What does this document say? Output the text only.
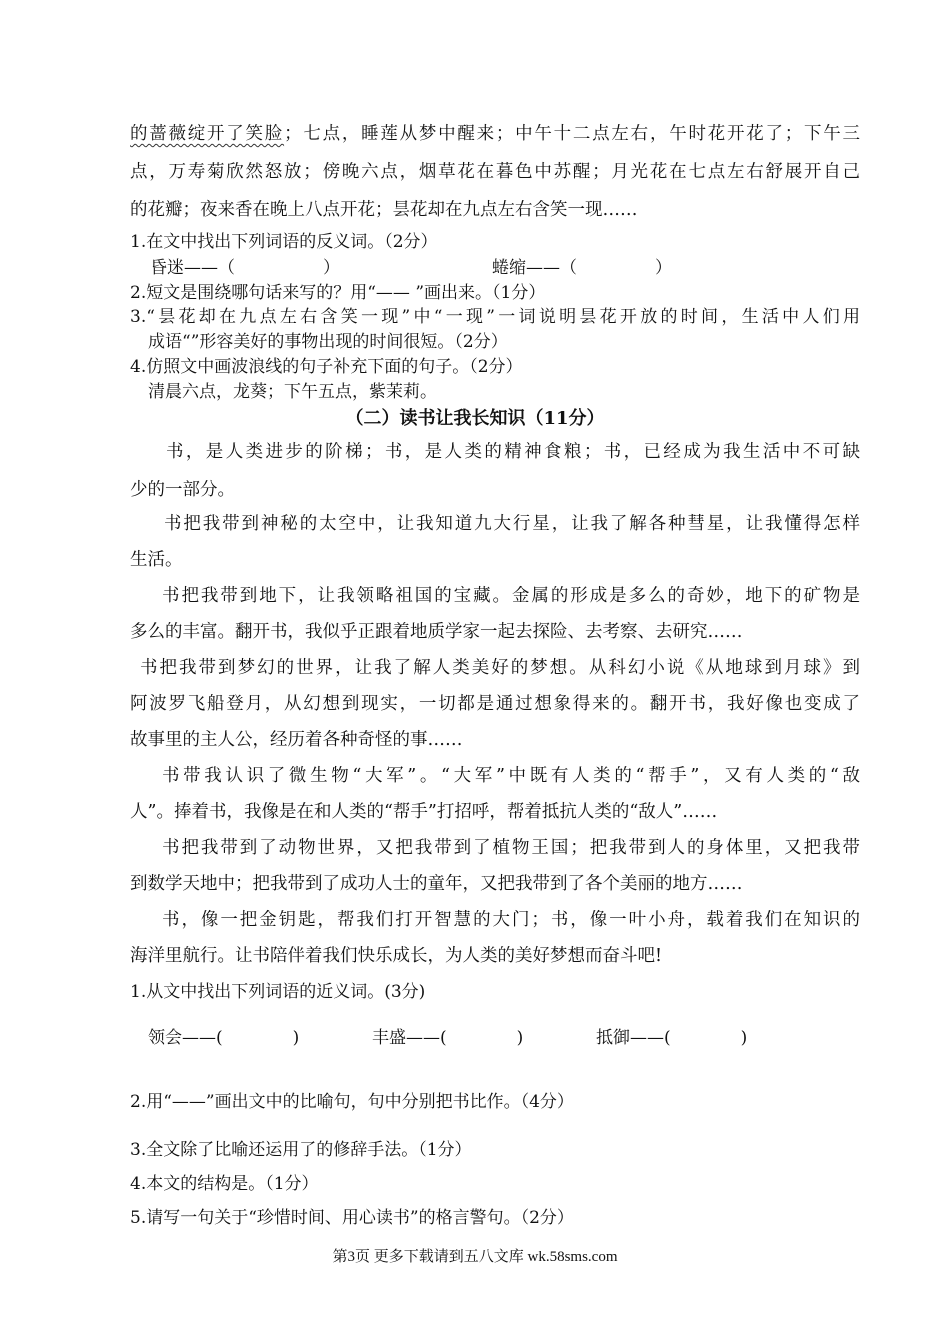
的蔷薇绽开了笑脸；七点，睡莲从梦中醒来；中午十二点左右，午时花开花了；下午三
点，万寿菊欣然怒放；傍晚六点，烟草花在暮色中苏醒；月光花在七点左右舒展开自己
的花瓣；夜来香在晚上八点开花；昙花却在九点左右含笑一现……
1.在文中找出下列词语的反义词。（2分）
昏迷——（	）	蜷缩——（	）
2.短文是围绕哪句话来写的？用“—— ”画出来。（1分）
3.“昙花却在九点左右含笑一现”中“一现”一词说明昙花开放的时间，生活中人们用
成语“”形容美好的事物出现的时间很短。（2分）
4.仿照文中画波浪线的句子补充下面的句子。（2分）
清晨六点，龙葵；下午五点，紫茉莉。
（二）读书让我长知识（11分）
书，是人类进步的阶梯；书，是人类的精神食粮；书，已经成为我生活中不可缺
少的一部分。
书把我带到神秘的太空中，让我知道九大行星，让我了解各种彗星，让我懂得怎样
生活。
书把我带到地下，让我领略祖国的宝藏。金属的形成是多么的奇妙，地下的矿物是
多么的丰富。翻开书，我似乎正跟着地质学家一起去探险、去考察、去研究……
书把我带到梦幻的世界，让我了解人类美好的梦想。从科幻小说《从地球到月球》到
阿波罗飞船登月，从幻想到现实，一切都是通过想象得来的。翻开书，我好像也变成了
故事里的主人公，经历着各种奇怪的事……
书带我认识了微生物“大军”。“大军”中既有人类的“帮手”，又有人类的“敌
人”。捧着书，我像是在和人类的“帮手”打招呼，帮着抵抗人类的“敌人”……
书把我带到了动物世界，又把我带到了植物王国；把我带到人的身体里，又把我带
到数学天地中；把我带到了成功人士的童年，又把我带到了各个美丽的地方……
书，像一把金钥匙，帮我们打开智慧的大门；书，像一叶小舟，载着我们在知识的
海洋里航行。让书陪伴着我们快乐成长，为人类的美好梦想而奋斗吧!
1.从文中找出下列词语的近义词。(3分)
领会——(	)	丰盛——(	)	抵御——(	)
2.用“——”画出文中的比喻句，句中分别把书比作。（4分）
3.全文除了比喻还运用了的修辞手法。（1分）
4.本文的结构是。（1分）
5.请写一句关于“珍惜时间、用心读书”的格言警句。（2分）
第3页 更多下载请到五八文库 wk.58sms.com
